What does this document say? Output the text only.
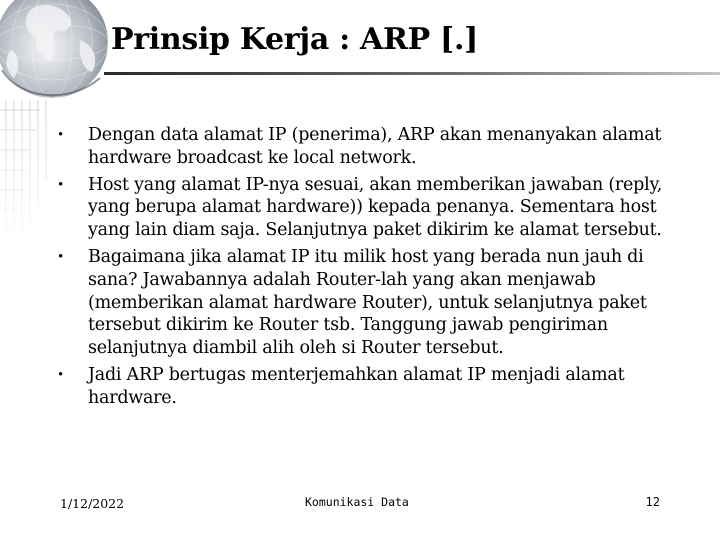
Prinsip Kerja : ARP [.]
• Dengan data alamat IP (penerima), ARP akan menanyakan alamat hardware broadcast ke local network.
• Host yang alamat IP-nya sesuai, akan memberikan jawaban (reply, yang berupa alamat hardware)) kepada penanya. Sementara host yang lain diam saja. Selanjutnya paket dikirim ke alamat tersebut.
• Bagaimana jika alamat IP itu milik host yang berada nun jauh di sana? Jawabannya adalah Router-lah yang akan menjawab (memberikan alamat hardware Router), untuk selanjutnya paket tersebut dikirim ke Router tsb. Tanggung jawab pengiriman selanjutnya diambil alih oleh si Router tersebut.
• Jadi ARP bertugas menterjemahkan alamat IP menjadi alamat hardware.
1/12/2022	Komunikasi Data	12
